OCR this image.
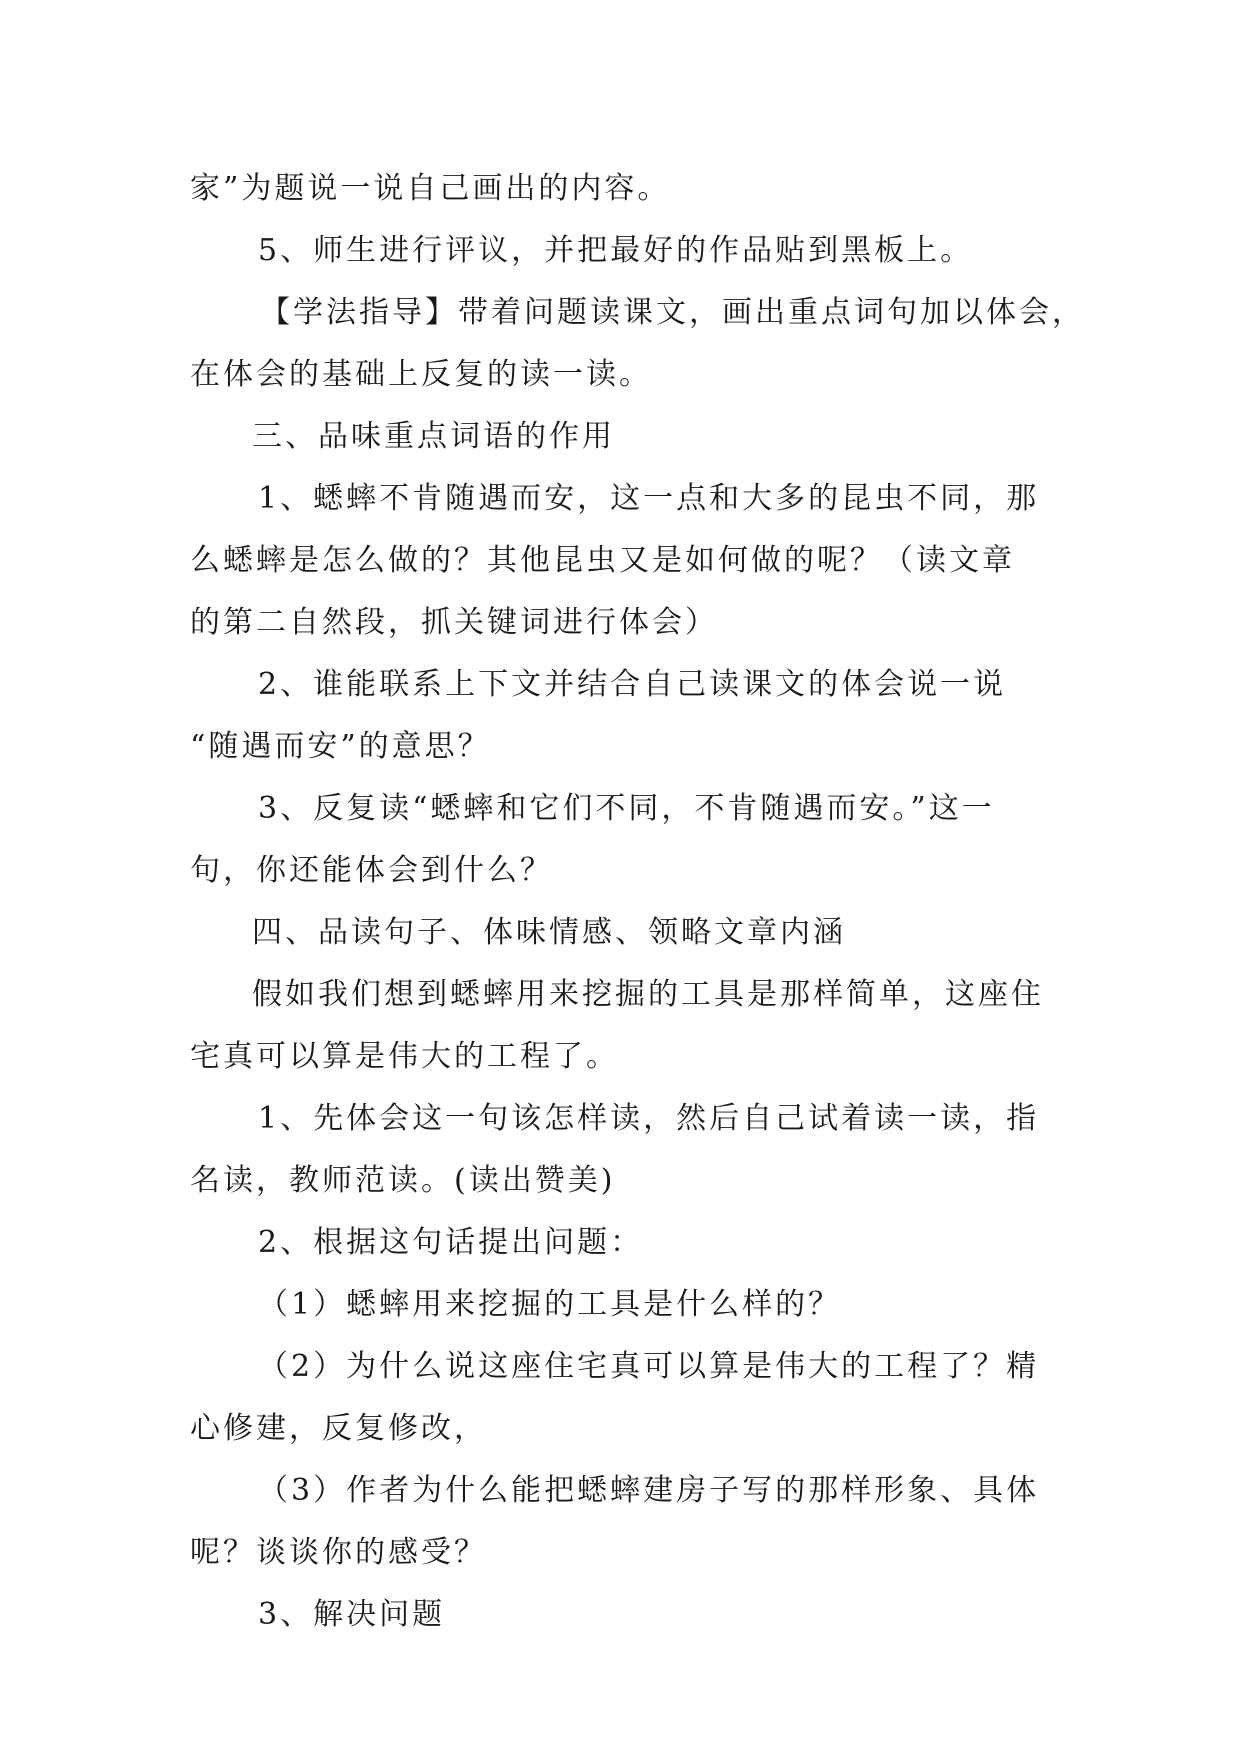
家”为题说一说自己画出的内容。
5、师生进行评议，并把最好的作品贴到黑板上。
【学法指导】带着问题读课文，画出重点词句加以体会，
在体会的基础上反复的读一读。
三、品味重点词语的作用
1、蟋蟀不肯随遇而安，这一点和大多的昆虫不同，那
么蟋蟀是怎么做的？其他昆虫又是如何做的呢？（读文章
的第二自然段，抓关键词进行体会）
2、谁能联系上下文并结合自己读课文的体会说一说
“随遇而安”的意思？
3、反复读“蟋蟀和它们不同，不肯随遇而安。”这一
句，你还能体会到什么？
四、品读句子、体味情感、领略文章内涵
假如我们想到蟋蟀用来挖掘的工具是那样简单，这座住
宅真可以算是伟大的工程了。
1、先体会这一句该怎样读，然后自己试着读一读，指
名读，教师范读。(读出赞美)
2、根据这句话提出问题：
（1）蟋蟀用来挖掘的工具是什么样的？
（2）为什么说这座住宅真可以算是伟大的工程了？精
心修建，反复修改，
（3）作者为什么能把蟋蟀建房子写的那样形象、具体
呢？谈谈你的感受？
3、解决问题
